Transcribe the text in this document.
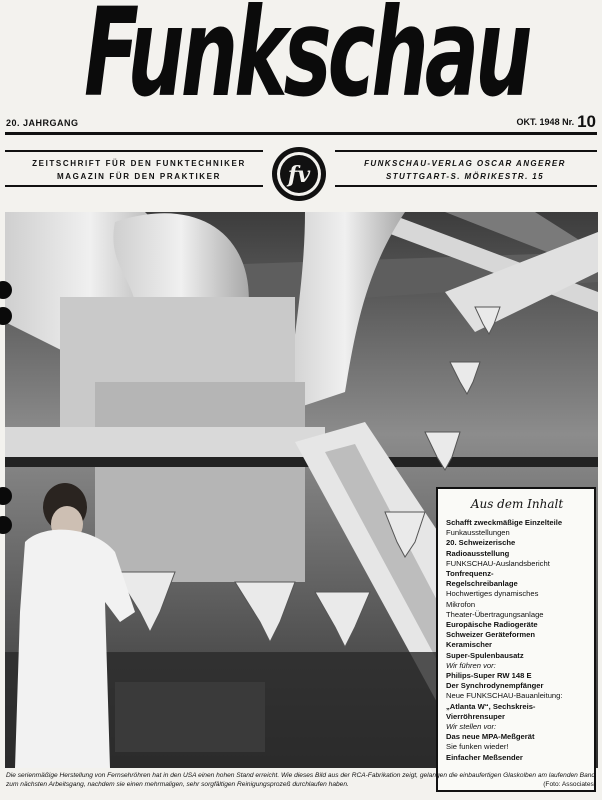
Funkschau
20. JAHRGANG	OKT. 1948 Nr. 10
ZEITSCHRIFT FÜR DEN FUNKTECHNIKER
MAGAZIN FÜR DEN PRAKTIKER
FUNKSCHAU-VERLAG OSCAR ANGERER
STUTTGART-S. MÖRIKESTR. 15
fv
Aus dem Inhalt
Schafft zweckmäßige Einzelteile
Funkausstellungen
20. Schweizerische
Radioausstellung
FUNKSCHAU-Auslandsbericht
Tonfrequenz-
Regelschreibanlage
Hochwertiges dynamisches
Mikrofon
Theater-Übertragungsanlage
Europäische Radiogeräte
Schweizer Geräteformen
Keramischer
Super-Spulenbausatz
Wir führen vor:
Philips-Super RW 148 E
Der Synchrodynempfänger
Neue FUNKSCHAU-Bauanleitung:
„Atlanta W“, Sechskreis-
Vierröhrensuper
Wir stellen vor:
Das neue MPA-Meßgerät
Sie funken wieder!
Einfacher Meßsender
Die serienmäßige Herstellung von Fernsehröhren hat in den USA einen hohen Stand erreicht. Wie dieses Bild aus der RCA-Fabrikation zeigt, gelangen die einbaufertigen Glaskolben am laufenden Band zum nächsten Arbeitsgang, nachdem sie einen mehrmaligen, sehr sorgfältigen Reinigungsprozeß durchlaufen haben.	(Foto: Associates)
